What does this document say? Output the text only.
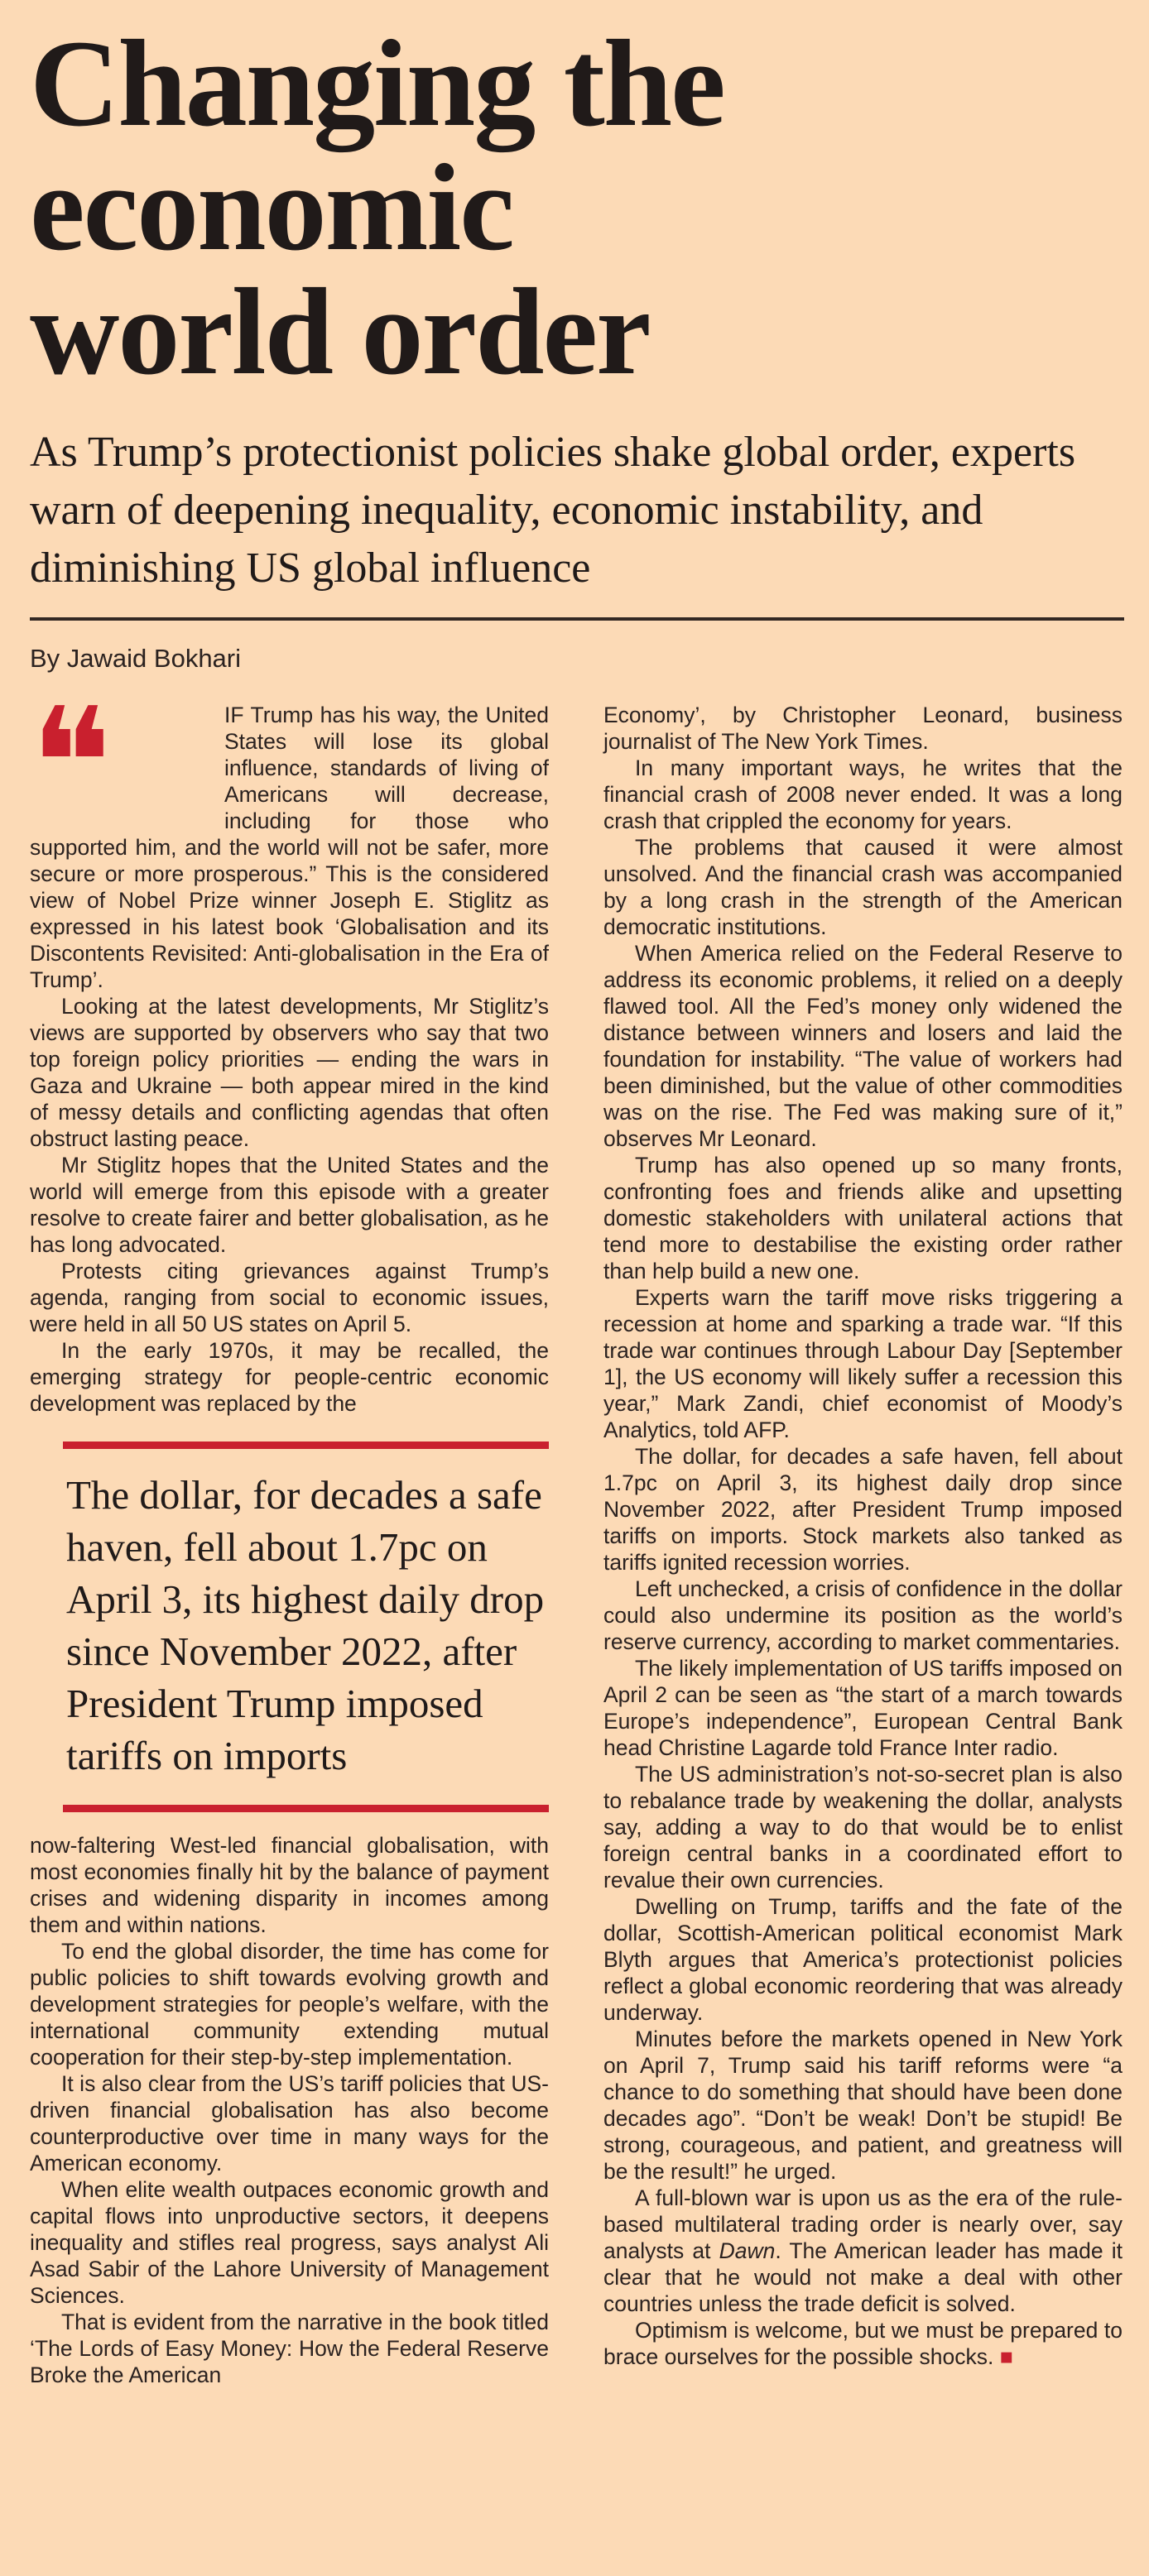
Changing the
economic
world order

As Trump’s protectionist policies shake global order, experts warn of deepening inequality, economic instability, and diminishing US global influence

By Jawaid Bokhari

❝	IF Trump has his way, the United States will lose its global influence, standards of living of Americans will decrease, including for those who supported him, and the world will not be safer, more secure or more prosperous.” This is the considered view of Nobel Prize winner Joseph E. Stiglitz as expressed in his latest book ‘Globalisation and its Discontents Revisited: Anti-globalisation in the Era of Trump’.

Looking at the latest developments, Mr Stiglitz’s views are supported by observers who say that two top foreign policy priorities — ending the wars in Gaza and Ukraine — both appear mired in the kind of messy details and conflicting agendas that often obstruct lasting peace.

Mr Stiglitz hopes that the United States and the world will emerge from this episode with a greater resolve to create fairer and better globalisation, as he has long advocated.

Protests citing grievances against Trump’s agenda, ranging from social to economic issues, were held in all 50 US states on April 5.

In the early 1970s, it may be recalled, the emerging strategy for people-centric economic development was replaced by the

The dollar, for decades a safe haven, fell about 1.7pc on April 3, its highest daily drop since November 2022, after President Trump imposed tariffs on imports

now-faltering West-led financial globalisation, with most economies finally hit by the balance of payment crises and widening disparity in incomes among them and within nations.

To end the global disorder, the time has come for public policies to shift towards evolving growth and development strategies for people’s welfare, with the international community extending mutual cooperation for their step-by-step implementation.

It is also clear from the US’s tariff policies that US-driven financial globalisation has also become counterproductive over time in many ways for the American economy.

When elite wealth outpaces economic growth and capital flows into unproductive sectors, it deepens inequality and stifles real progress, says analyst Ali Asad Sabir of the Lahore University of Management Sciences.

That is evident from the narrative in the book titled ‘The Lords of Easy Money: How the Federal Reserve Broke the American

Economy’, by Christopher Leonard, business journalist of The New York Times.

In many important ways, he writes that the financial crash of 2008 never ended. It was a long crash that crippled the economy for years.

The problems that caused it were almost unsolved. And the financial crash was accompanied by a long crash in the strength of the American democratic institutions.

When America relied on the Federal Reserve to address its economic problems, it relied on a deeply flawed tool. All the Fed’s money only widened the distance between winners and losers and laid the foundation for instability. “The value of workers had been diminished, but the value of other commodities was on the rise. The Fed was making sure of it,” observes Mr Leonard.

Trump has also opened up so many fronts, confronting foes and friends alike and upsetting domestic stakeholders with unilateral actions that tend more to destabilise the existing order rather than help build a new one.

Experts warn the tariff move risks triggering a recession at home and sparking a trade war. “If this trade war continues through Labour Day [September 1], the US economy will likely suffer a recession this year,” Mark Zandi, chief economist of Moody’s Analytics, told AFP.

The dollar, for decades a safe haven, fell about 1.7pc on April 3, its highest daily drop since November 2022, after President Trump imposed tariffs on imports. Stock markets also tanked as tariffs ignited recession worries.

Left unchecked, a crisis of confidence in the dollar could also undermine its position as the world’s reserve currency, according to market commentaries.

The likely implementation of US tariffs imposed on April 2 can be seen as “the start of a march towards Europe’s independence”, European Central Bank head Christine Lagarde told France Inter radio.

The US administration’s not-so-secret plan is also to rebalance trade by weakening the dollar, analysts say, adding a way to do that would be to enlist foreign central banks in a coordinated effort to revalue their own currencies.

Dwelling on Trump, tariffs and the fate of the dollar, Scottish-American political economist Mark Blyth argues that America’s protectionist policies reflect a global economic reordering that was already underway.

Minutes before the markets opened in New York on April 7, Trump said his tariff reforms were “a chance to do something that should have been done decades ago”. “Don’t be weak! Don’t be stupid! Be strong, courageous, and patient, and greatness will be the result!” he urged.

A full-blown war is upon us as the era of the rule-based multilateral trading order is nearly over, say analysts at Dawn. The American leader has made it clear that he would not make a deal with other countries unless the trade deficit is solved.

Optimism is welcome, but we must be prepared to brace ourselves for the possible shocks. ■
